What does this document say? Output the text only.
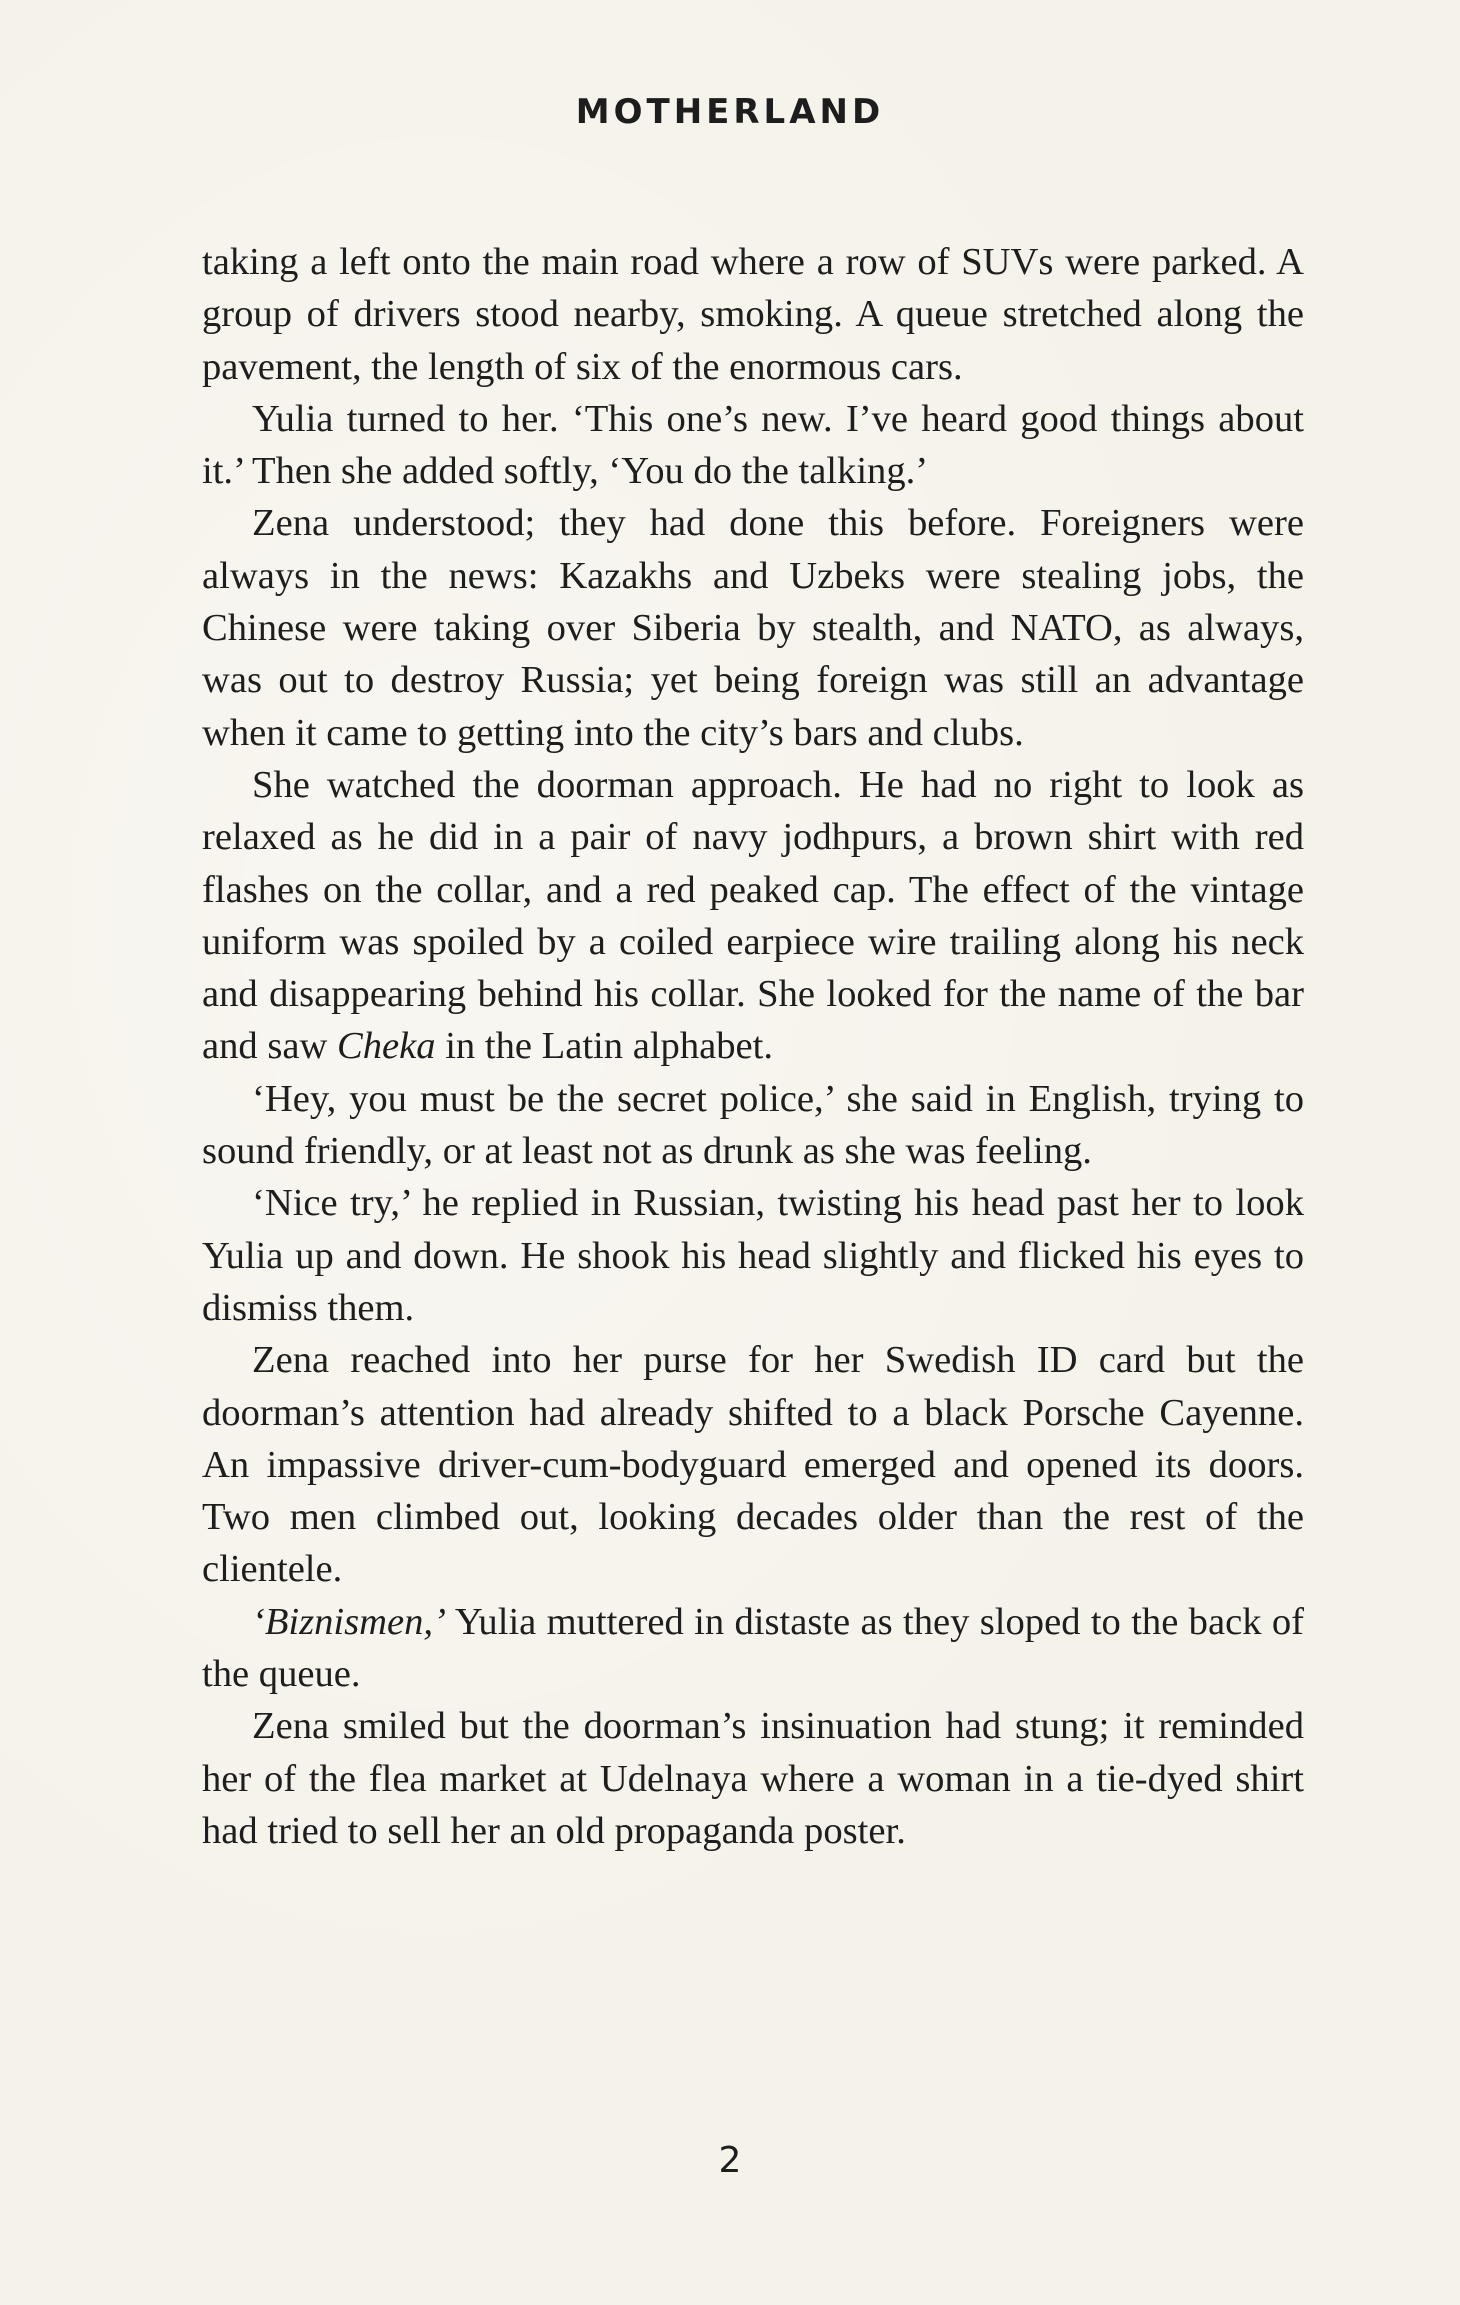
MOTHERLAND

taking a left onto the main road where a row of SUVs were parked. A group of drivers stood nearby, smoking. A queue stretched along the pavement, the length of six of the enormous cars.

Yulia turned to her. ‘This one’s new. I’ve heard good things about it.’ Then she added softly, ‘You do the talking.’

Zena understood; they had done this before. Foreigners were always in the news: Kazakhs and Uzbeks were stealing jobs, the Chinese were taking over Siberia by stealth, and NATO, as always, was out to destroy Russia; yet being foreign was still an advantage when it came to getting into the city’s bars and clubs.

She watched the doorman approach. He had no right to look as relaxed as he did in a pair of navy jodhpurs, a brown shirt with red flashes on the collar, and a red peaked cap. The effect of the vintage uniform was spoiled by a coiled earpiece wire trailing along his neck and disappearing behind his collar. She looked for the name of the bar and saw Cheka in the Latin alphabet.

‘Hey, you must be the secret police,’ she said in English, trying to sound friendly, or at least not as drunk as she was feeling.

‘Nice try,’ he replied in Russian, twisting his head past her to look Yulia up and down. He shook his head slightly and flicked his eyes to dismiss them.

Zena reached into her purse for her Swedish ID card but the doorman’s attention had already shifted to a black Porsche Cayenne. An impassive driver-cum-bodyguard emerged and opened its doors. Two men climbed out, looking decades older than the rest of the clientele.

‘Biznismen,’ Yulia muttered in distaste as they sloped to the back of the queue.

Zena smiled but the doorman’s insinuation had stung; it reminded her of the flea market at Udelnaya where a woman in a tie-dyed shirt had tried to sell her an old propaganda poster.

2
